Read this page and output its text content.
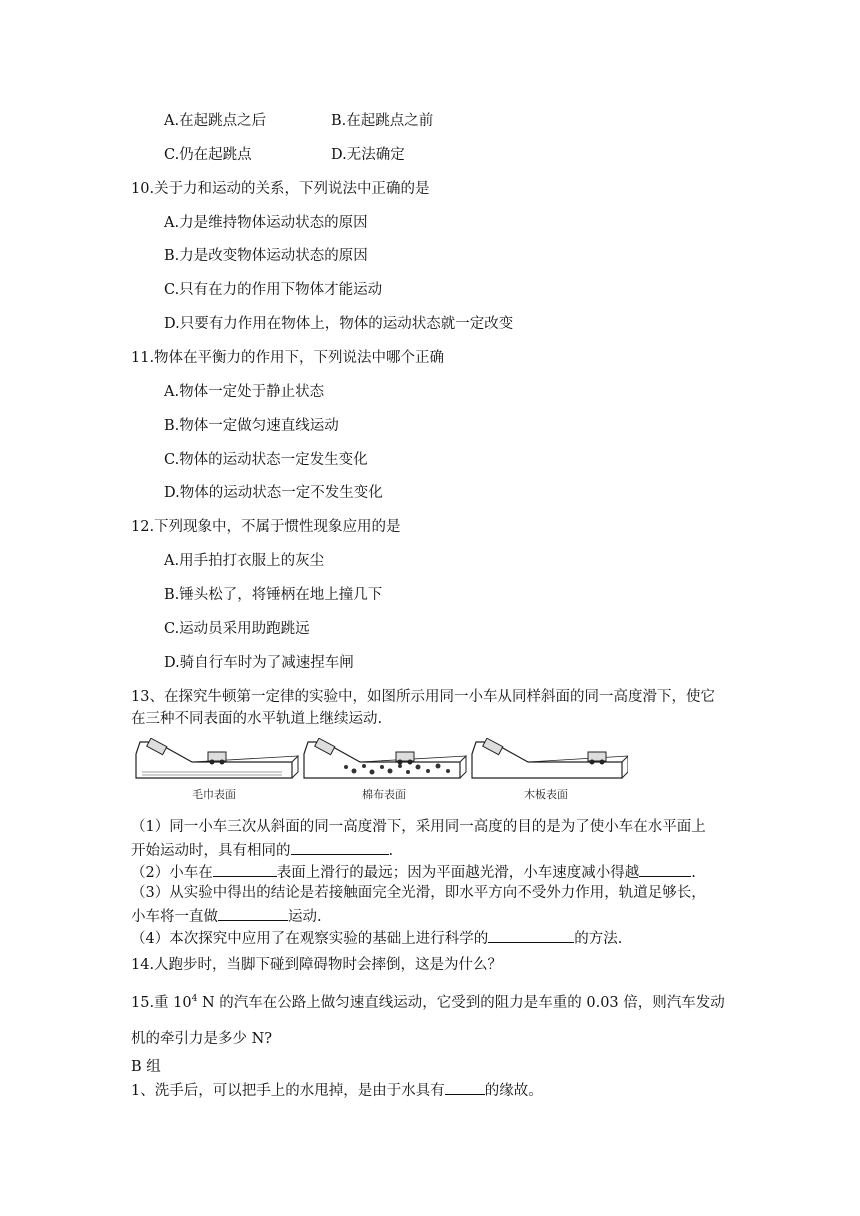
A.在起跳点之后	B.在起跳点之前
C.仍在起跳点	D.无法确定
10.关于力和运动的关系，下列说法中正确的是
A.力是维持物体运动状态的原因
B.力是改变物体运动状态的原因
C.只有在力的作用下物体才能运动
D.只要有力作用在物体上，物体的运动状态就一定改变
11.物体在平衡力的作用下，下列说法中哪个正确
A.物体一定处于静止状态
B.物体一定做匀速直线运动
C.物体的运动状态一定发生变化
D.物体的运动状态一定不发生变化
12.下列现象中，不属于惯性现象应用的是
A.用手拍打衣服上的灰尘
B.锤头松了，将锤柄在地上撞几下
C.运动员采用助跑跳远
D.骑自行车时为了减速捏车闸
13、在探究牛顿第一定律的实验中，如图所示用同一小车从同样斜面的同一高度滑下，使它
在三种不同表面的水平轨道上继续运动.
毛巾表面	棉布表面	木板表面
（1）同一小车三次从斜面的同一高度滑下，采用同一高度的目的是为了使小车在水平面上
开始运动时，具有相同的	.
（2）小车在	表面上滑行的最远；因为平面越光滑，小车速度减小得越	.
（3）从实验中得出的结论是若接触面完全光滑，即水平方向不受外力作用，轨道足够长，
小车将一直做	运动.
（4）本次探究中应用了在观察实验的基础上进行科学的	的方法.
14.人跑步时，当脚下碰到障碍物时会摔倒，这是为什么？
15.重 $10^4$ N 的汽车在公路上做匀速直线运动，它受到的阻力是车重的 0.03 倍，则汽车发动
机的牵引力是多少 N?
B 组
1、洗手后，可以把手上的水甩掉，是由于水具有	的缘故。
